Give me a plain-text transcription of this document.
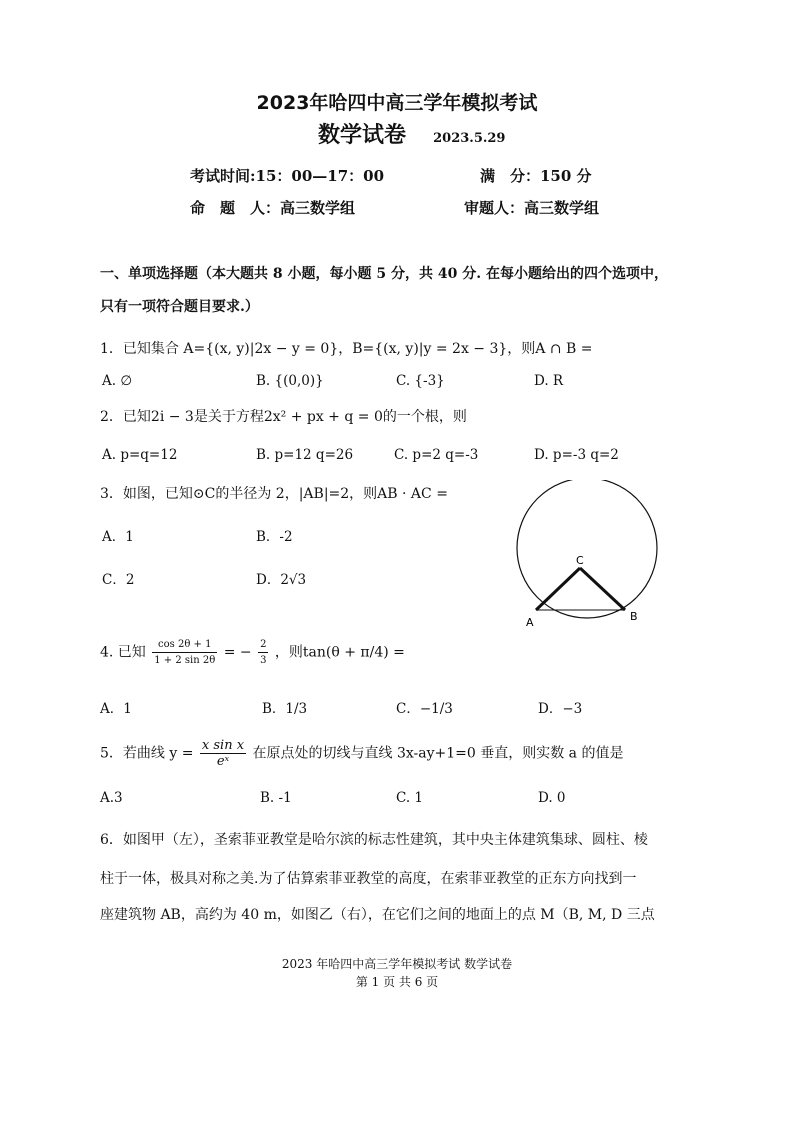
2023年哈四中高三学年模拟考试
数学试卷 2023.5.29
考试时间:15：00—17：00	满　分：150 分
命　题　人：高三数学组	审题人：高三数学组
一、单项选择题（本大题共 8 小题，每小题 5 分，共 40 分. 在每小题给出的四个选项中，
只有一项符合题目要求.）
1．已知集合 A={(x, y)|2x − y = 0}，B={(x, y)|y = 2x − 3}，则A ∩ B =
A. ∅	B. {(0,0)}	C. {-3}	D. R
2．已知2i − 3是关于方程2x² + px + q = 0的一个根，则
A. p=q=12	B. p=12 q=26	C. p=2 q=-3	D. p=-3 q=2
3．如图，已知⊙C的半径为 2，|AB|=2，则AB · AC =
A．1	B．-2
C．2	D．2√3
C
A	B
4. 已知 $\frac{\cos 2\theta + 1}{1 + 2 \sin 2\theta}$ = − $\frac{2}{3}$ ，则tan(θ + π/4) =
A．1	B．1/3	C．−1/3	D．−3
5．若曲线 $y = \frac{\text{x sin x}}{\text{eˣ}}$ 在原点处的切线与直线 3x-ay+1=0 垂直，则实数 a 的值是
A.3	B. -1	C. 1	D. 0
6．如图甲（左），圣索菲亚教堂是哈尔滨的标志性建筑，其中央主体建筑集球、圆柱、棱
柱于一体，极具对称之美.为了估算索菲亚教堂的高度，在索菲亚教堂的正东方向找到一
座建筑物 AB，高约为 40 m，如图乙（右），在它们之间的地面上的点 M（B, M, D 三点
2023 年哈四中高三学年模拟考试 数学试卷
第 1 页 共 6 页
